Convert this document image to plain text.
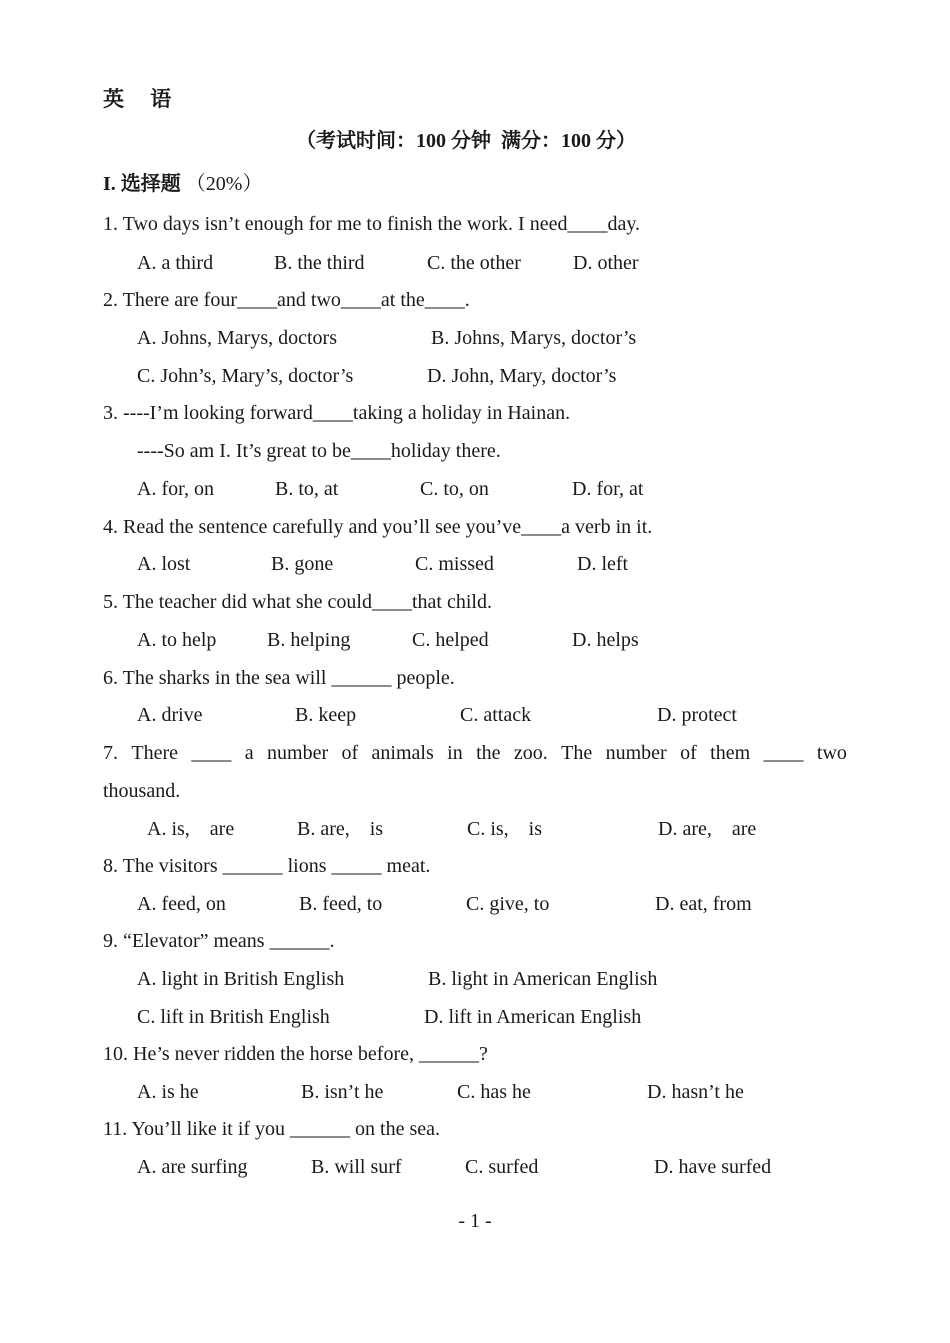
英     语
（考试时间：100 分钟  满分：100 分）
I. 选择题 （20%）
1. Two days isn’t enough for me to finish the work. I need____day.
A. a third	B. the third	C. the other	D. other
2. There are four____and two____at the____.
A. Johns, Marys, doctors	B. Johns, Marys, doctor’s
C. John’s, Mary’s, doctor’s	D. John, Mary, doctor’s
3. ----I’m looking forward____taking a holiday in Hainan.
----So am I. It’s great to be____holiday there.
A. for, on	B. to, at	C. to, on	D. for, at
4. Read the sentence carefully and you’ll see you’ve____a verb in it.
A. lost	B. gone	C. missed	D. left
5. The teacher did what she could____that child.
A. to help	B. helping	C. helped	D. helps
6. The sharks in the sea will ______ people.
A. drive	B. keep	C. attack	D. protect
7. There ____ a number of animals in the zoo. The number of them ____ two
thousand.
A. is,    are	B. are,    is	C. is,    is	D. are,    are
8. The visitors ______ lions _____ meat.
A. feed, on	B. feed, to	C. give, to	D. eat, from
9. “Elevator” means ______.
A. light in British English	B. light in American English
C. lift in British English	D. lift in American English
10. He’s never ridden the horse before, ______?
A. is he	B. isn’t he	C. has he	D. hasn’t he
11. You’ll like it if you ______ on the sea.
A. are surfing	B. will surf	C. surfed	D. have surfed
- 1 -
